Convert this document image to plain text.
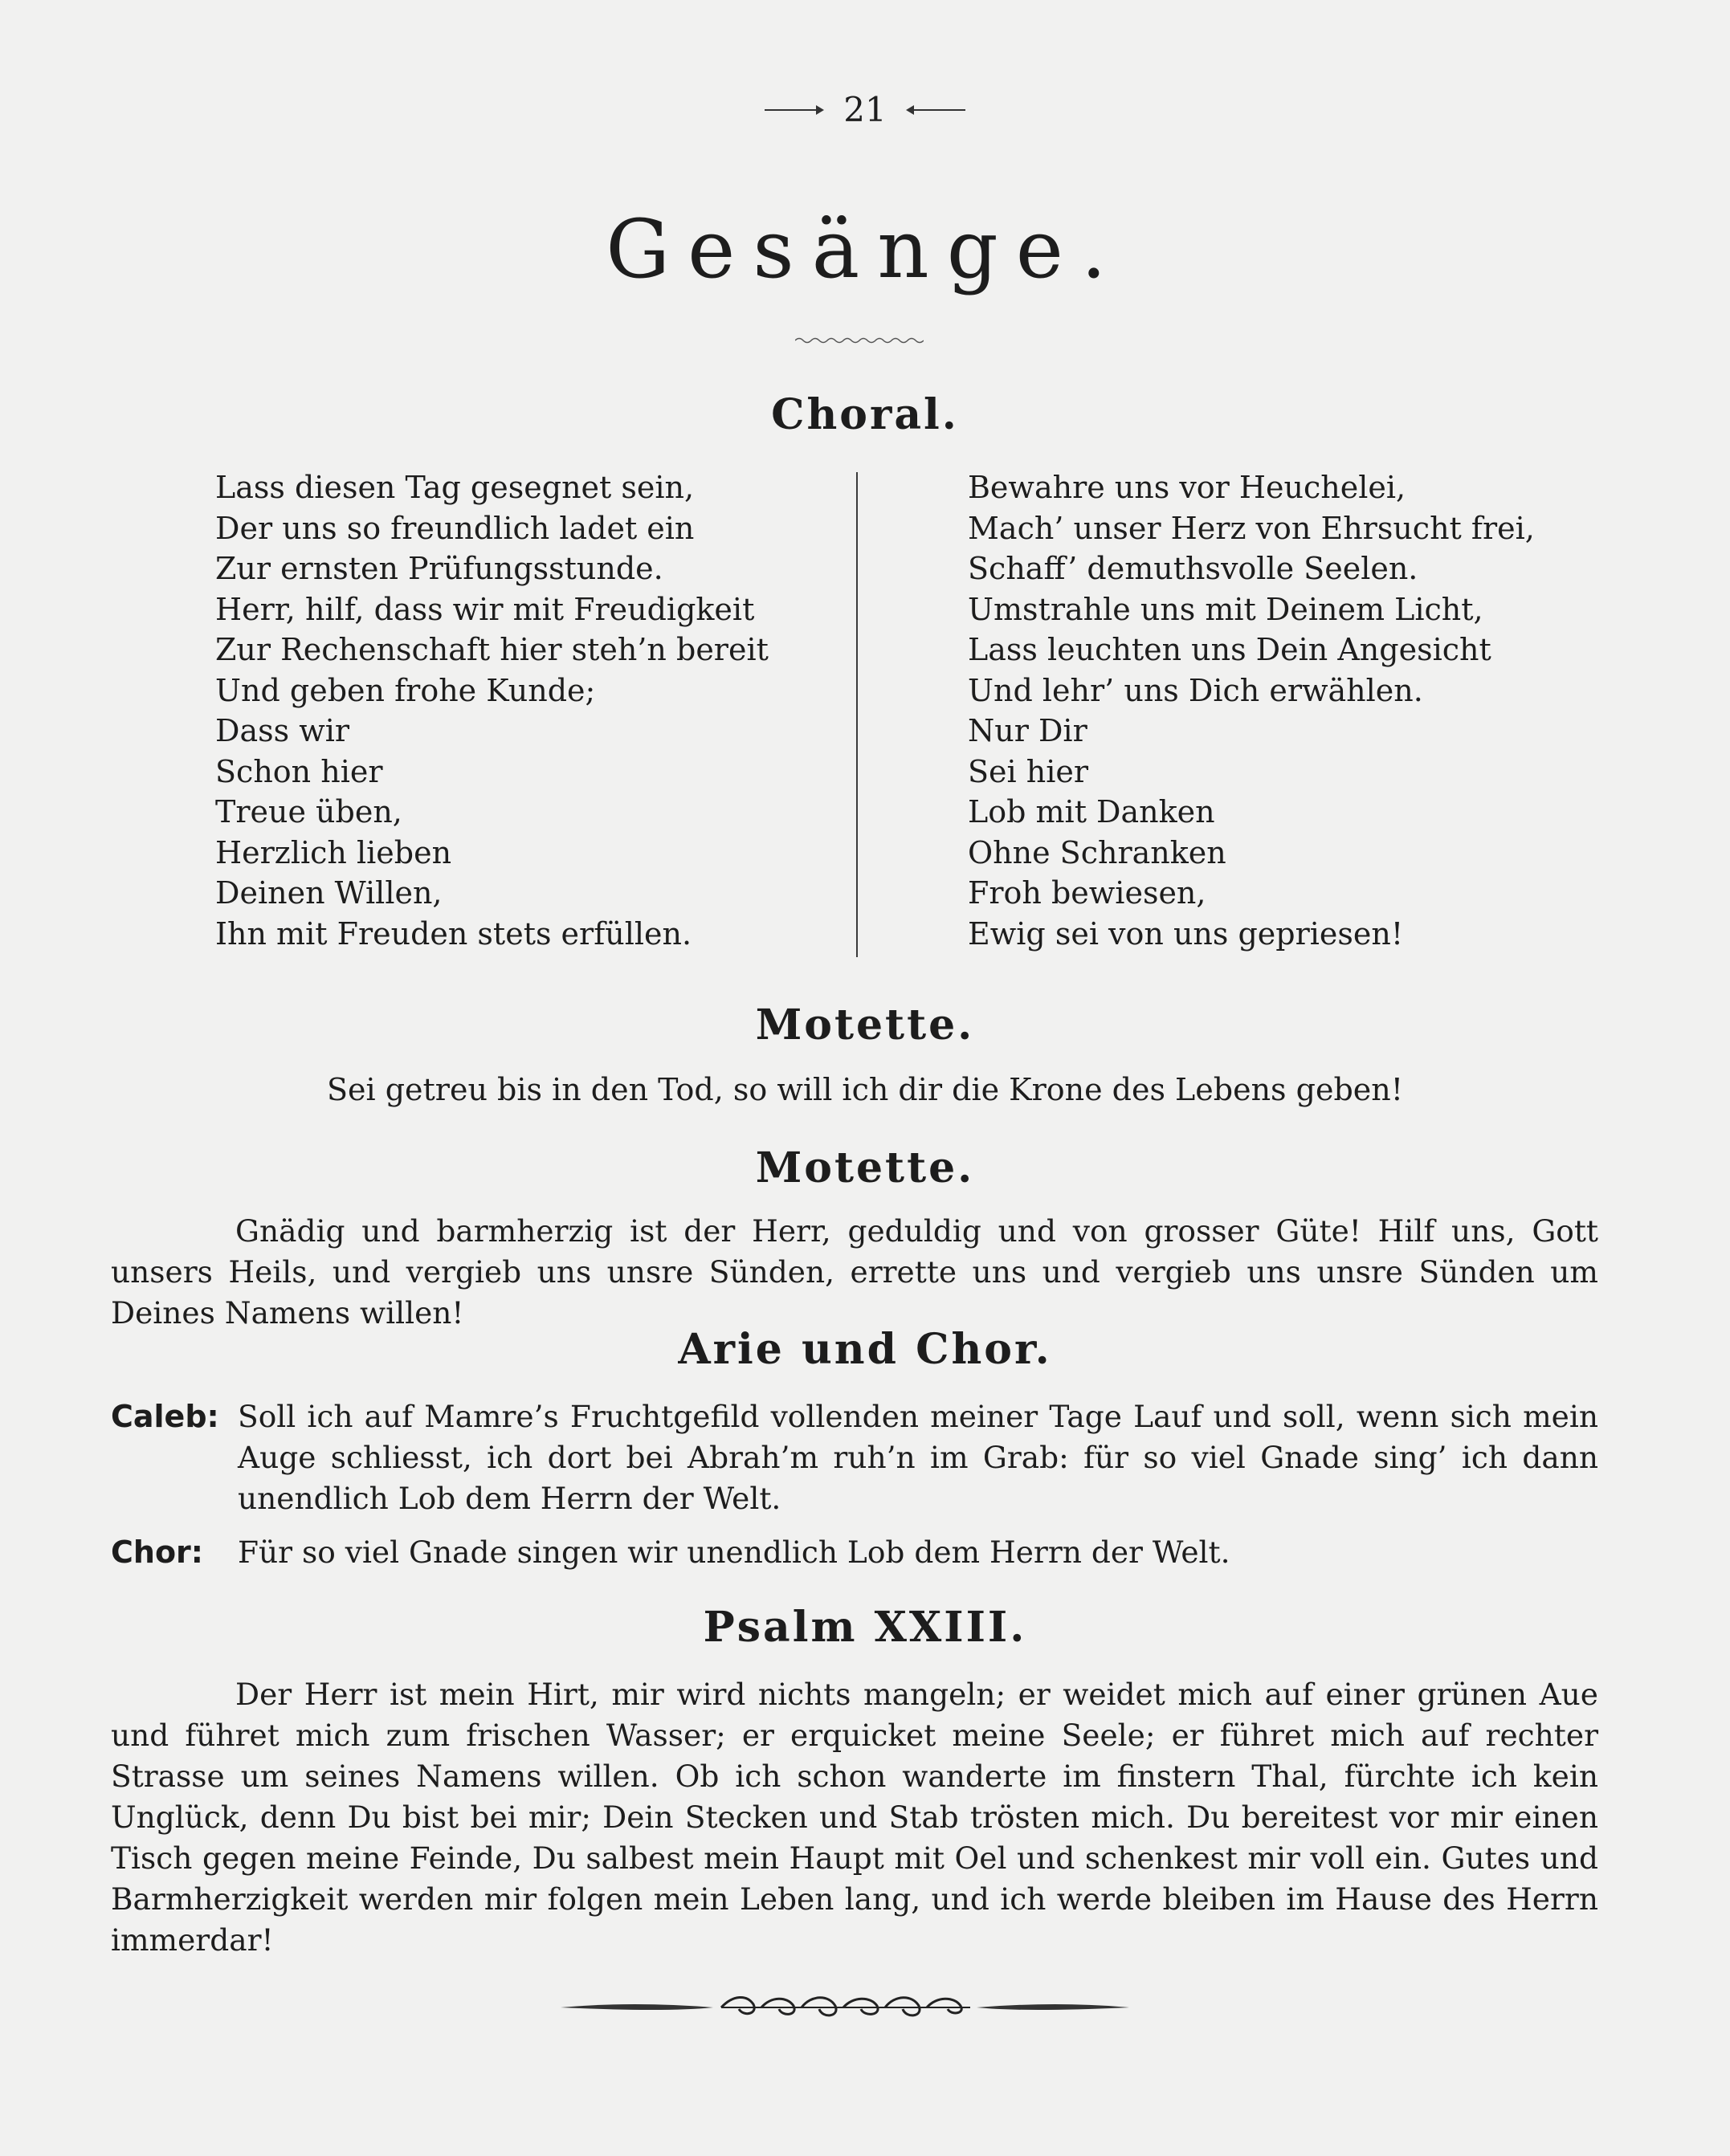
21
Gesänge.
Choral.
Lass diesen Tag gesegnet sein,
Der uns so freundlich ladet ein
Zur ernsten Prüfungsstunde.
Herr, hilf, dass wir mit Freudigkeit
Zur Rechenschaft hier steh’n bereit
Und geben frohe Kunde;
Dass wir
Schon hier
Treue üben,
Herzlich lieben
Deinen Willen,
Ihn mit Freuden stets erfüllen.
Bewahre uns vor Heuchelei,
Mach’ unser Herz von Ehrsucht frei,
Schaff’ demuthsvolle Seelen.
Umstrahle uns mit Deinem Licht,
Lass leuchten uns Dein Angesicht
Und lehr’ uns Dich erwählen.
Nur Dir
Sei hier
Lob mit Danken
Ohne Schranken
Froh bewiesen,
Ewig sei von uns gepriesen!
Motette.

Sei getreu bis in den Tod, so will ich dir die Krone des Lebens geben!

Motette.

Gnädig und barmherzig ist der Herr, geduldig und von grosser Güte! Hilf uns, Gott unsers Heils, und vergieb uns unsre Sünden, errette uns und vergieb uns unsre Sünden um Deines Namens willen!

Arie und Chor.
Caleb: Soll ich auf Mamre’s Fruchtgefild vollenden meiner Tage Lauf und soll, wenn sich mein Auge schliesst, ich dort bei Abrah’m ruh’n im Grab: für so viel Gnade sing’ ich dann unendlich Lob dem Herrn der Welt.

Chor: Für so viel Gnade singen wir unendlich Lob dem Herrn der Welt.

Psalm XXIII.

Der Herr ist mein Hirt, mir wird nichts mangeln; er weidet mich auf einer grünen Aue und führet mich zum frischen Wasser; er erquicket meine Seele; er führet mich auf rechter Strasse um seines Namens willen. Ob ich schon wanderte im finstern Thal, fürchte ich kein Unglück, denn Du bist bei mir; Dein Stecken und Stab trösten mich. Du bereitest vor mir einen Tisch gegen meine Feinde, Du salbest mein Haupt mit Oel und schenkest mir voll ein. Gutes und Barmherzigkeit werden mir folgen mein Leben lang, und ich werde bleiben im Hause des Herrn immerdar!
